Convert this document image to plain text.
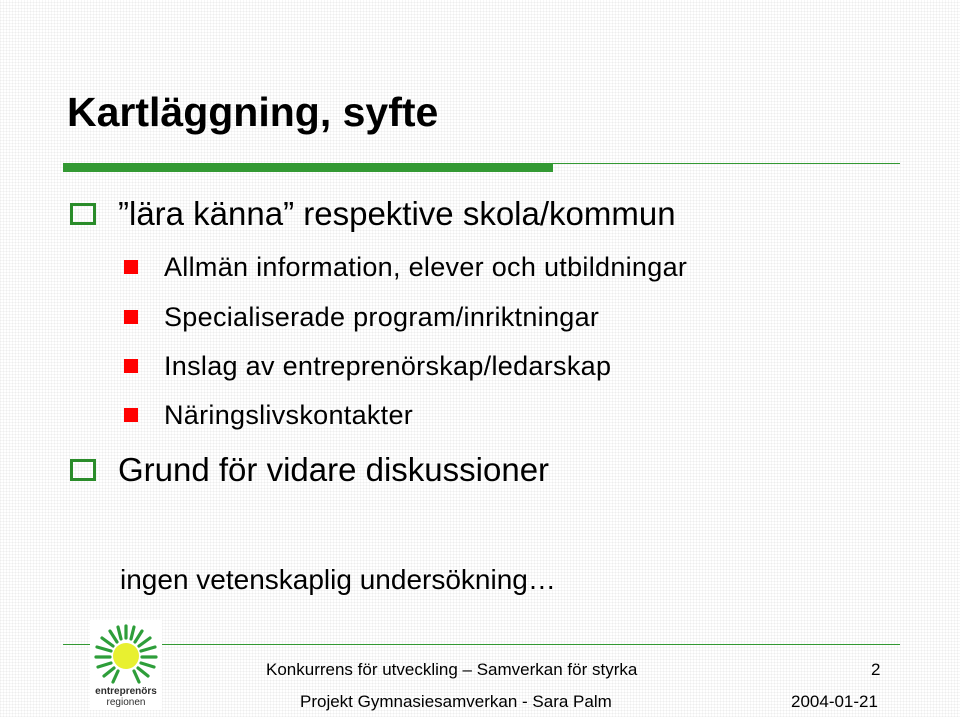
Kartläggning, syfte
”lära känna” respektive skola/kommun
Allmän information, elever och utbildningar
Specialiserade program/inriktningar
Inslag av entreprenörskap/ledarskap
Näringslivskontakter
Grund för vidare diskussioner
ingen vetenskaplig undersökning…
entreprenörs
regionen
Konkurrens för utveckling – Samverkan för styrka	2
Projekt Gymnasiesamverkan - Sara Palm	2004-01-21
